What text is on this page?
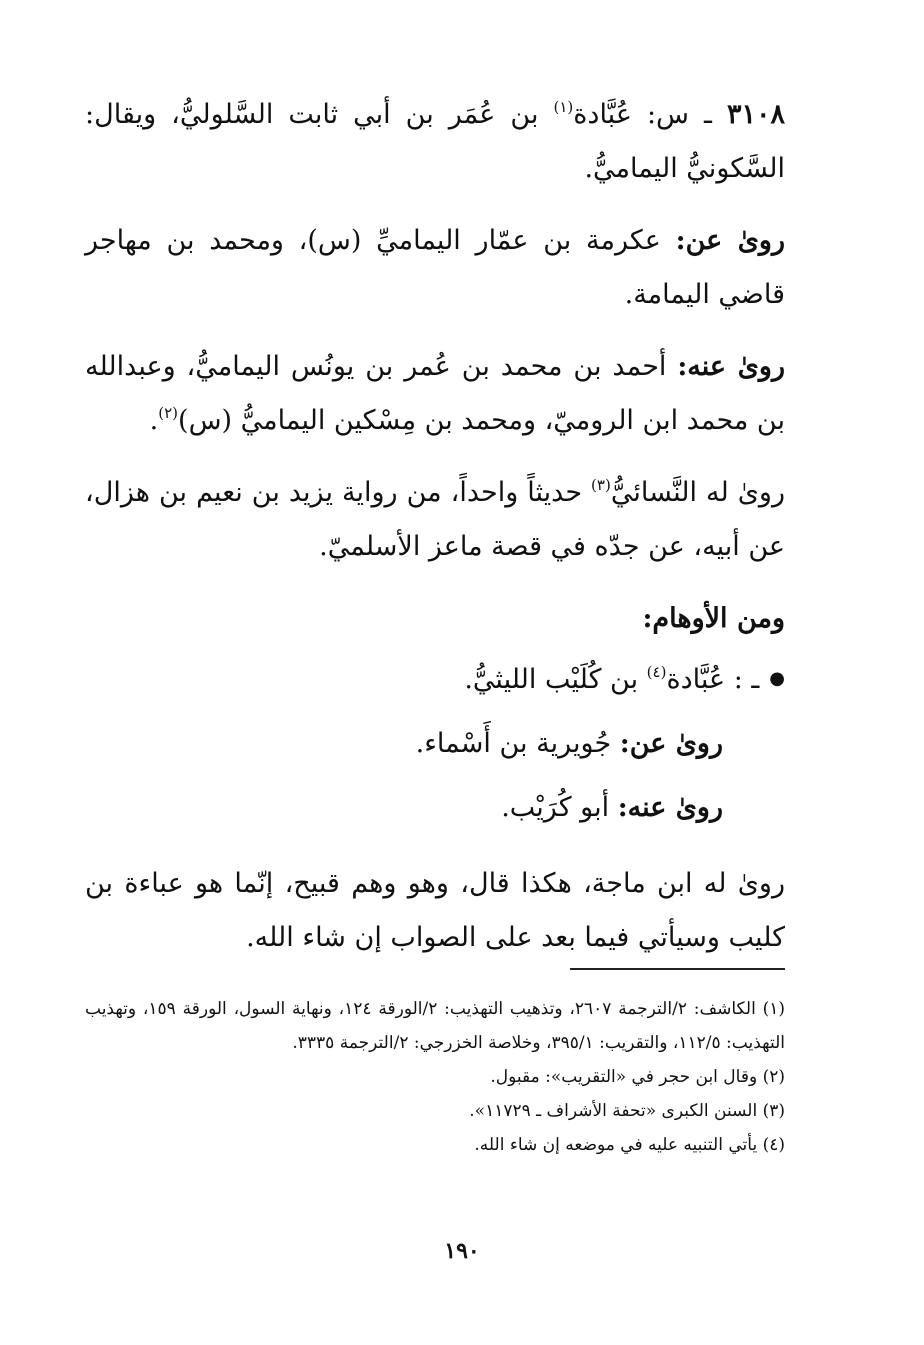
٣١٠٨ ـ س: عُبَّادة$^{(١)}$ بن عُمَر بن أبي ثابت السَّلوليُّ، ويقال: السَّكونيُّ اليماميُّ.

روىٰ عن: عكرمة بن عمّار اليماميِّ (س)، ومحمد بن مهاجر قاضي اليمامة.

روىٰ عنه: أحمد بن محمد بن عُمر بن يونُس اليماميُّ، وعبدالله بن محمد ابن الروميّ، ومحمد بن مِسْكين اليماميُّ (س)$^{(٢)}$.

روىٰ له النَّسائيُّ$^{(٣)}$ حديثاً واحداً، من رواية يزيد بن نعيم بن هزال، عن أبيه، عن جدّه في قصة ماعز الأسلميّ.

ومن الأوهام:
●ـ : عُبَّادة$^{(٤)}$ بن كُلَيْب الليثيُّ.
روىٰ عن: جُويرية بن أَسْماء.
روىٰ عنه: أبو كُرَيْب.

روىٰ له ابن ماجة، هكذا قال، وهو وهم قبيح، إنّما هو عباءة بن كليب وسيأتي فيما بعد على الصواب إن شاء الله.

(١) الكاشف: ٢/الترجمة ٢٦٠٧، وتذهيب التهذيب: ٢/الورقة ١٢٤، ونهاية السول، الورقة ١٥٩، وتهذيب التهذيب: ١١٢/٥، والتقريب: ٣٩٥/١، وخلاصة الخزرجي: ٢/الترجمة ٣٣٣٥.

(٢) وقال ابن حجر في «التقريب»: مقبول.

(٣) السنن الكبرى «تحفة الأشراف ـ ١١٧٢٩».

(٤) يأتي التنبيه عليه في موضعه إن شاء الله.

١٩٠
